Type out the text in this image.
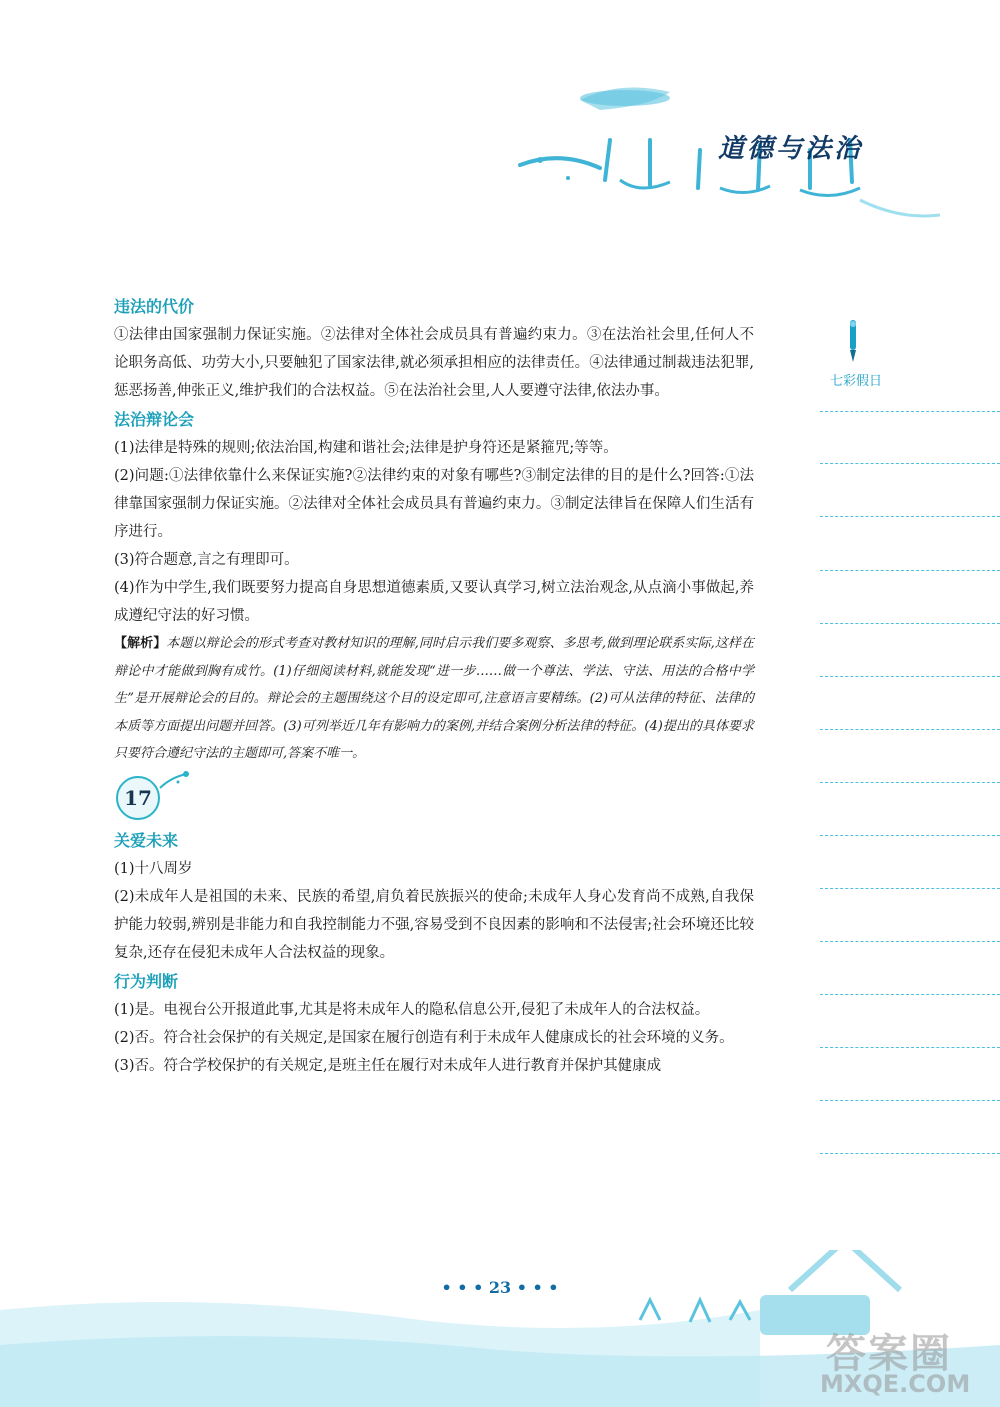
道德与法治
违法的代价

①法律由国家强制力保证实施。②法律对全体社会成员具有普遍约束力。③在法治社会里,任何人不论职务高低、功劳大小,只要触犯了国家法律,就必须承担相应的法律责任。④法律通过制裁违法犯罪,惩恶扬善,伸张正义,维护我们的合法权益。⑤在法治社会里,人人要遵守法律,依法办事。

法治辩论会

(1)法律是特殊的规则;依法治国,构建和谐社会;法律是护身符还是紧箍咒;等等。

(2)问题:①法律依靠什么来保证实施?②法律约束的对象有哪些?③制定法律的目的是什么?回答:①法律靠国家强制力保证实施。②法律对全体社会成员具有普遍约束力。③制定法律旨在保障人们生活有序进行。

(3)符合题意,言之有理即可。

(4)作为中学生,我们既要努力提高自身思想道德素质,又要认真学习,树立法治观念,从点滴小事做起,养成遵纪守法的好习惯。

【解析】本题以辩论会的形式考查对教材知识的理解,同时启示我们要多观察、多思考,做到理论联系实际,这样在辩论中才能做到胸有成竹。(1)仔细阅读材料,就能发现“进一步……做一个尊法、学法、守法、用法的合格中学生”是开展辩论会的目的。辩论会的主题围绕这个目的设定即可,注意语言要精练。(2)可从法律的特征、法律的本质等方面提出问题并回答。(3)可列举近几年有影响力的案例,并结合案例分析法律的特征。(4)提出的具体要求只要符合遵纪守法的主题即可,答案不唯一。

17
关爱未来

(1)十八周岁

(2)未成年人是祖国的未来、民族的希望,肩负着民族振兴的使命;未成年人身心发育尚不成熟,自我保护能力较弱,辨别是非能力和自我控制能力不强,容易受到不良因素的影响和不法侵害;社会环境还比较复杂,还存在侵犯未成年人合法权益的现象。

行为判断

(1)是。电视台公开报道此事,尤其是将未成年人的隐私信息公开,侵犯了未成年人的合法权益。

(2)否。符合社会保护的有关规定,是国家在履行创造有利于未成年人健康成长的社会环境的义务。

(3)否。符合学校保护的有关规定,是班主任在履行对未成年人进行教育并保护其健康成

七彩假日
• • • 23 • • •
答案圈
MXQE.COM
